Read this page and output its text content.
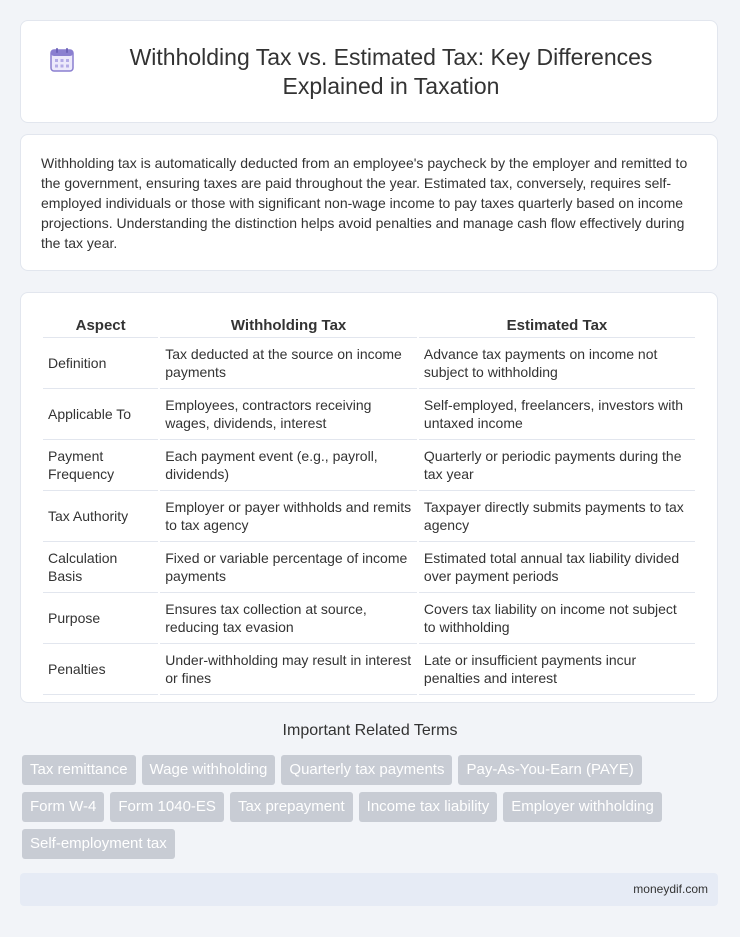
Withholding Tax vs. Estimated Tax: Key Differences Explained in Taxation

Withholding tax is automatically deducted from an employee's paycheck by the employer and remitted to the government, ensuring taxes are paid throughout the year. Estimated tax, conversely, requires self-employed individuals or those with significant non-wage income to pay taxes quarterly based on income projections. Understanding the distinction helps avoid penalties and manage cash flow effectively during the tax year.

Aspect	Withholding Tax	Estimated Tax
Definition	Tax deducted at the source on income payments	Advance tax payments on income not subject to withholding
Applicable To	Employees, contractors receiving wages, dividends, interest	Self-employed, freelancers, investors with untaxed income
Payment Frequency	Each payment event (e.g., payroll, dividends)	Quarterly or periodic payments during the tax year
Tax Authority	Employer or payer withholds and remits to tax agency	Taxpayer directly submits payments to tax agency
Calculation Basis	Fixed or variable percentage of income payments	Estimated total annual tax liability divided over payment periods
Purpose	Ensures tax collection at source, reducing tax evasion	Covers tax liability on income not subject to withholding
Penalties	Under-withholding may result in interest or fines	Late or insufficient payments incur penalties and interest
Important Related Terms
Tax remittance	Wage withholding	Quarterly tax payments	Pay-As-You-Earn (PAYE)
Form W-4	Form 1040-ES	Tax prepayment	Income tax liability	Employer withholding
Self-employment tax
moneydif.com
